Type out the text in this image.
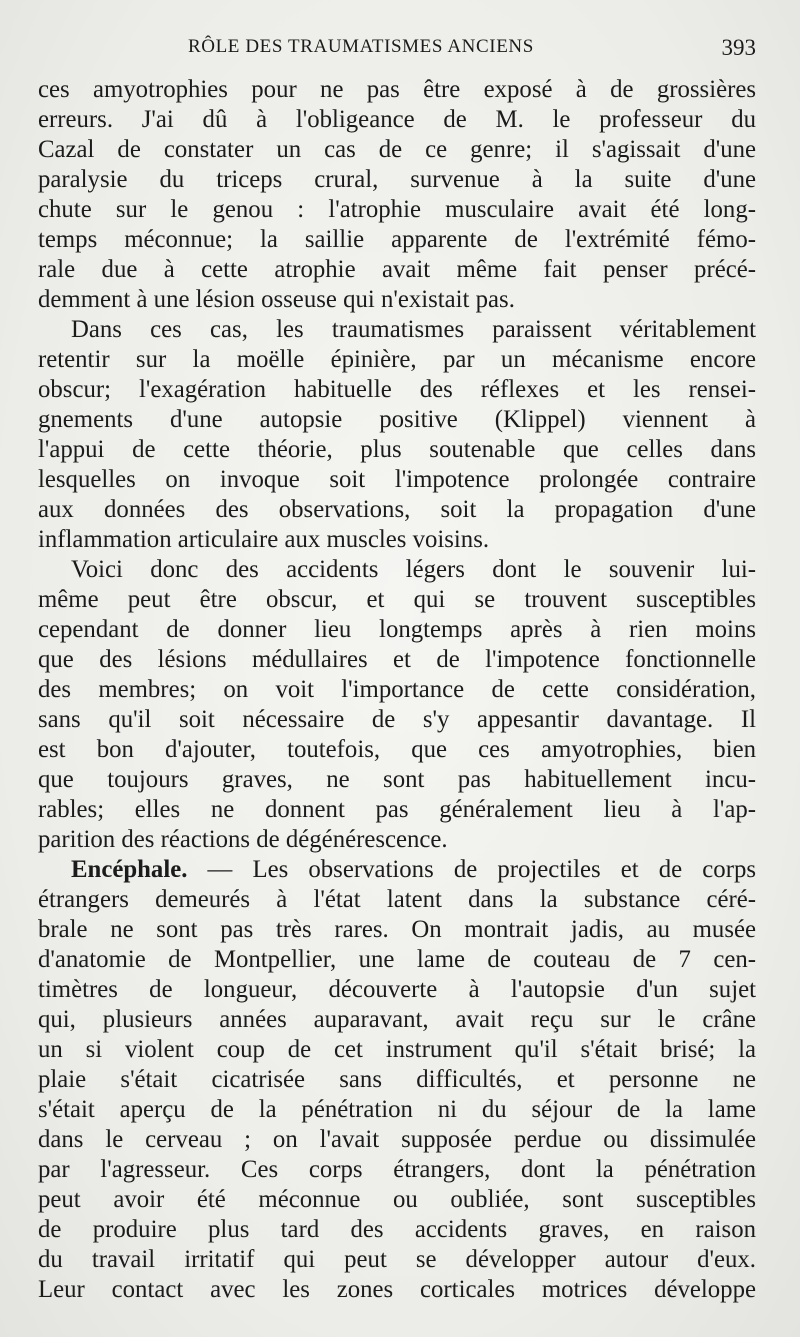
RÔLE DES TRAUMATISMES ANCIENS	393
ces amyotrophies pour ne pas être exposé à de grossières
erreurs. J'ai dû à l'obligeance de M. le professeur du
Cazal de constater un cas de ce genre; il s'agissait d'une
paralysie du triceps crural, survenue à la suite d'une
chute sur le genou : l'atrophie musculaire avait été long-
temps méconnue; la saillie apparente de l'extrémité fémo-
rale due à cette atrophie avait même fait penser précé-
demment à une lésion osseuse qui n'existait pas.
Dans ces cas, les traumatismes paraissent véritablement
retentir sur la moëlle épinière, par un mécanisme encore
obscur; l'exagération habituelle des réflexes et les rensei-
gnements d'une autopsie positive (Klippel) viennent à
l'appui de cette théorie, plus soutenable que celles dans
lesquelles on invoque soit l'impotence prolongée contraire
aux données des observations, soit la propagation d'une
inflammation articulaire aux muscles voisins.
Voici donc des accidents légers dont le souvenir lui-
même peut être obscur, et qui se trouvent susceptibles
cependant de donner lieu longtemps après à rien moins
que des lésions médullaires et de l'impotence fonctionnelle
des membres; on voit l'importance de cette considération,
sans qu'il soit nécessaire de s'y appesantir davantage. Il
est bon d'ajouter, toutefois, que ces amyotrophies, bien
que toujours graves, ne sont pas habituellement incu-
rables; elles ne donnent pas généralement lieu à l'ap-
parition des réactions de dégénérescence.
Encéphale. — Les observations de projectiles et de corps
étrangers demeurés à l'état latent dans la substance céré-
brale ne sont pas très rares. On montrait jadis, au musée
d'anatomie de Montpellier, une lame de couteau de 7 cen-
timètres de longueur, découverte à l'autopsie d'un sujet
qui, plusieurs années auparavant, avait reçu sur le crâne
un si violent coup de cet instrument qu'il s'était brisé; la
plaie s'était cicatrisée sans difficultés, et personne ne
s'était aperçu de la pénétration ni du séjour de la lame
dans le cerveau ; on l'avait supposée perdue ou dissimulée
par l'agresseur. Ces corps étrangers, dont la pénétration
peut avoir été méconnue ou oubliée, sont susceptibles
de produire plus tard des accidents graves, en raison
du travail irritatif qui peut se développer autour d'eux.
Leur contact avec les zones corticales motrices développe
